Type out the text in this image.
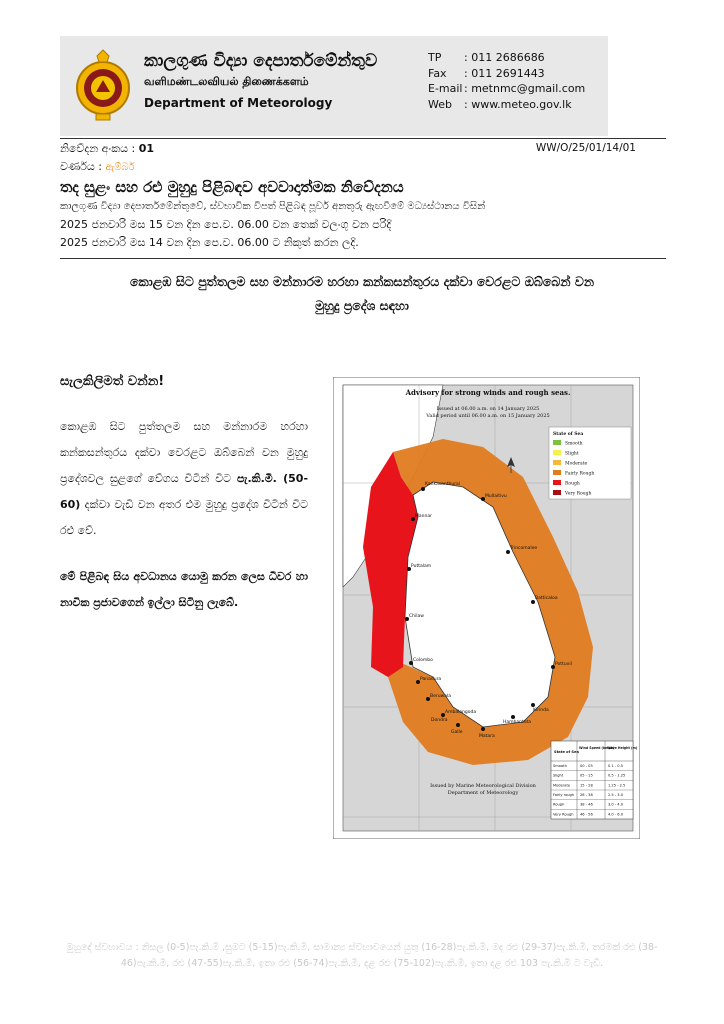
කාලගුණ විද්‍යා දෙපාර්තමේන්තුව
வளிமண்டலவியல் திணைக்களம்
Department of Meteorology
TP	: 011 2686686
Fax	: 011 2691443
E-mail : metnmc@gmail.com
Web	: www.meteo.gov.lk
නිවේදන අංකය : 01	WW/O/25/01/14/01
වර්ණය : ඇම්බර්
තද සුළං සහ රළු මුහුදු පිළිබඳව අවවාදාත්මක නිවේදනය
කාලගුණ විද්‍යා දෙපාර්තමේන්තුවේ, ස්වභාවික විපත් පිළිබඳ පූර්ව අනතුරු ඇඟවීමේ මධ්‍යස්ථානය විසින්
2025 ජනවාරි මස 15 වන දින පෙ.ව. 06.00 වන තෙක් වලංගු වන පරිදි
2025 ජනවාරි මස 14 වන දින පෙ.ව. 06.00 ට නිකුත් කරන ලදි.
කොළඹ සිට පුත්තලම සහ මන්නාරම හරහා කන්කසන්තුරය දක්වා වෙරළට ඔබ්බෙන් වන
මුහුදු ප්‍රදේශ සඳහා
සැලකිලිමත් වන්න!
කොළඹ සිට පුත්තලම සහ මන්නාරම හරහා කන්කසන්තුරය දක්වා වෙරළට ඔබ්බෙන් වන මුහුදු ප්‍රදේශවල සුළගේ වේගය විටින් විට පැ.කි.මී. (50-60) දක්වා වැඩි වන අතර එම මුහුදු ප්‍රදේශ විටින් විට රළු වේ.
මේ පිළිබඳ සිය අවධානය යොමු කරන ලෙස ධීවර හා නාවික ප්‍රජාවගෙන් ඉල්ලා සිටිනු ලැබේ.
Kankasanthurai
Mullaitivu
Trincomalee
Batticaloa
Pottuvil
Mannar
Puttalam
Chilaw
Colombo
Panadura
Beruwala
Ambalangoda
Galle
Matara
Hambantota
Kirinda
Dondra
Advisory for strong winds and rough seas.
Issued at 06.00 a.m. on 14 January 2025
Valid period until 06.00 a.m. on 15 January 2025
Issued by Marine Meteorological Division
Department of Meteorology
State of Sea
Smooth
Slight
Moderate
Fairly Rough
Rough
Very Rough
State of Sea
Wind Speed (kmph)
Wave Height (m)
Smooth	00 - 05	0.1 - 0.5
Slight	05 - 15	0.5 - 1.25
Moderate	15 - 28	1.25 - 2.5
Fairly rough 28 - 38	2.5 - 3.0
Rough	38 - 46	3.0 - 4.0
Very Rough 46 - 56	4.0 - 6.0
මුහුදේ ස්වභාවය : නිසල (0-5)පැ.කි.මී ,සුමට (5-15)පැ.කි.මී, සාමාන්‍ය ස්වභාවයෙන් යුතු (16-28)පැ.කි.මී, මද රළු (29-37)පැ.කි.මී, තරමක් රළු (38-46)පැ.කි.මී, රළු (47-55)පැ.කි.මී, ඉතා රළු (56-74)පැ.කි.මී, දළ රළු (75-102)පැ.කි.මී, ඉතා දළ රළු 103 පැ.කි.මී ට වැඩි.
